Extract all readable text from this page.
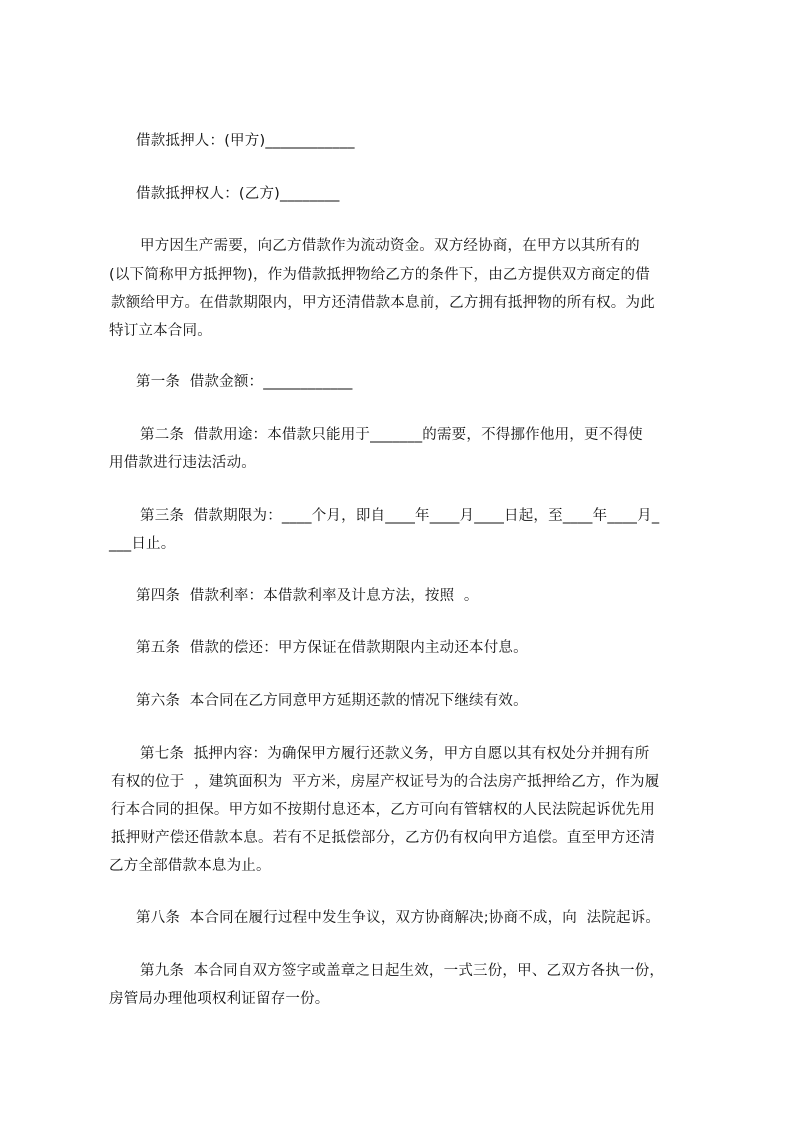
借款抵押人：(甲方)____________
借款抵押权人：(乙方)________
甲方因生产需要，向乙方借款作为流动资金。双方经协商，在甲方以其所有的
(以下简称甲方抵押物)，作为借款抵押物给乙方的条件下，由乙方提供双方商定的借
款额给甲方。在借款期限内，甲方还清借款本息前，乙方拥有抵押物的所有权。为此
特订立本合同。
第一条  借款金额：____________
第二条  借款用途：本借款只能用于_______的需要，不得挪作他用，更不得使
用借款进行违法活动。
第三条  借款期限为：____个月，即自____年____月____日起，至____年____月_
___日止。
第四条  借款利率：本借款利率及计息方法，按照  。
第五条  借款的偿还：甲方保证在借款期限内主动还本付息。
第六条  本合同在乙方同意甲方延期还款的情况下继续有效。
第七条  抵押内容：为确保甲方履行还款义务，甲方自愿以其有权处分并拥有所
有权的位于  ，建筑面积为  平方米，房屋产权证号为的合法房产抵押给乙方，作为履
行本合同的担保。甲方如不按期付息还本，乙方可向有管辖权的人民法院起诉优先用
抵押财产偿还借款本息。若有不足抵偿部分，乙方仍有权向甲方追偿。直至甲方还清
乙方全部借款本息为止。
第八条  本合同在履行过程中发生争议，双方协商解决;协商不成，向  法院起诉。
第九条  本合同自双方签字或盖章之日起生效，一式三份，甲、乙双方各执一份，
房管局办理他项权利证留存一份。
